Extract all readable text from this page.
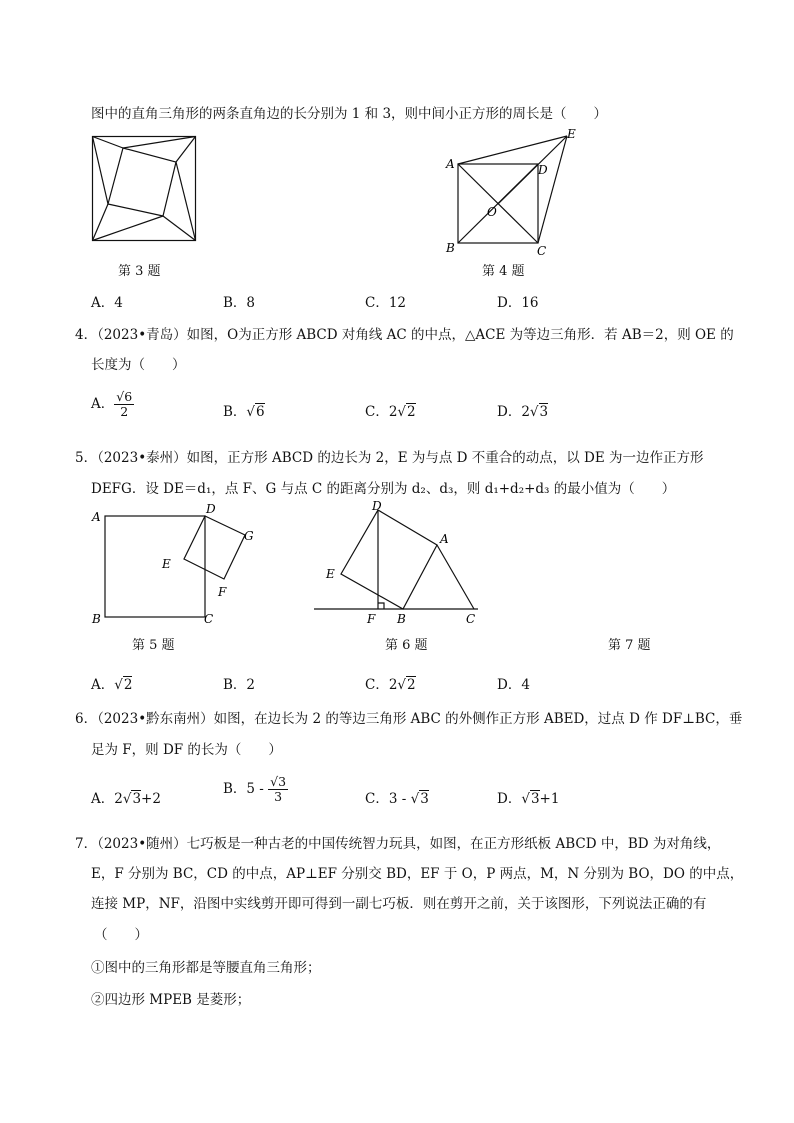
图中的直角三角形的两条直角边的长分别为 1 和 3，则中间小正方形的周长是（　　）
第 3 题
A
B	C
D
E
O
第 4 题
A．4	B．8	C．12	D．16
4．（2023•青岛）如图，O为正方形 ABCD 对角线 AC 的中点，△ACE 为等边三角形．若 AB＝2，则 OE 的
长度为（　　）
A． $\frac{√6}{2}$	B．√6	C．2√2	D．2√3
5．（2023•泰州）如图，正方形 ABCD 的边长为 2，E 为与点 D 不重合的动点，以 DE 为一边作正方形
DEFG．设 DE＝d₁，点 F、G 与点 C 的距离分别为 d₂、d₃，则 d₁+d₂+d₃ 的最小值为（　　）
A
B	C
D
E
F
G
第 5 题
D
A
E
F B	C
第 6 题	第 7 题
A．√2	B．2	C．2√2	D．4
6．（2023•黔东南州）如图，在边长为 2 的等边三角形 ABC 的外侧作正方形 ABED，过点 D 作 DF⊥BC，垂
足为 F，则 DF 的长为（　　）
A．2√3+2
B．$5 - \frac{√3}{3}$	C．3 - √3	D．√3+1
7．（2023•随州）七巧板是一种古老的中国传统智力玩具，如图，在正方形纸板 ABCD 中，BD 为对角线，
E，F 分别为 BC，CD 的中点，AP⊥EF 分别交 BD，EF 于 O，P 两点，M，N 分别为 BO，DO 的中点，
连接 MP，NF，沿图中实线剪开即可得到一副七巧板．则在剪开之前，关于该图形，下列说法正确的有
（　　）
①图中的三角形都是等腰直角三角形；
②四边形 MPEB 是菱形；
